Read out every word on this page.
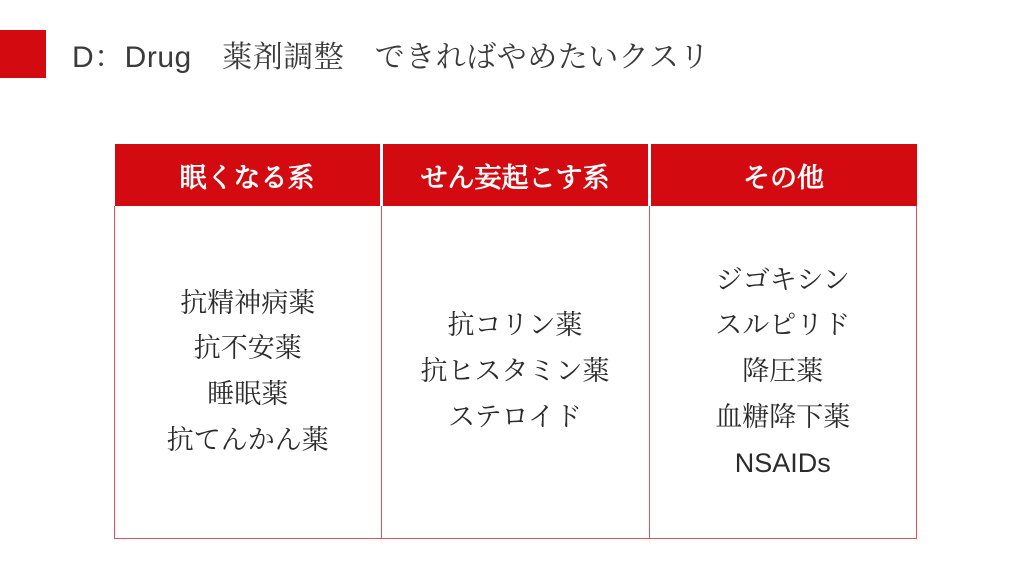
D：Drug　薬剤調整　できればやめたいクスリ
眠くなる系	せん妄起こす系	その他

抗精神病薬
抗不安薬
睡眠薬
抗てんかん薬

抗コリン薬
抗ヒスタミン薬
ステロイド

ジゴキシン
スルピリド
降圧薬
血糖降下薬
NSAIDs
